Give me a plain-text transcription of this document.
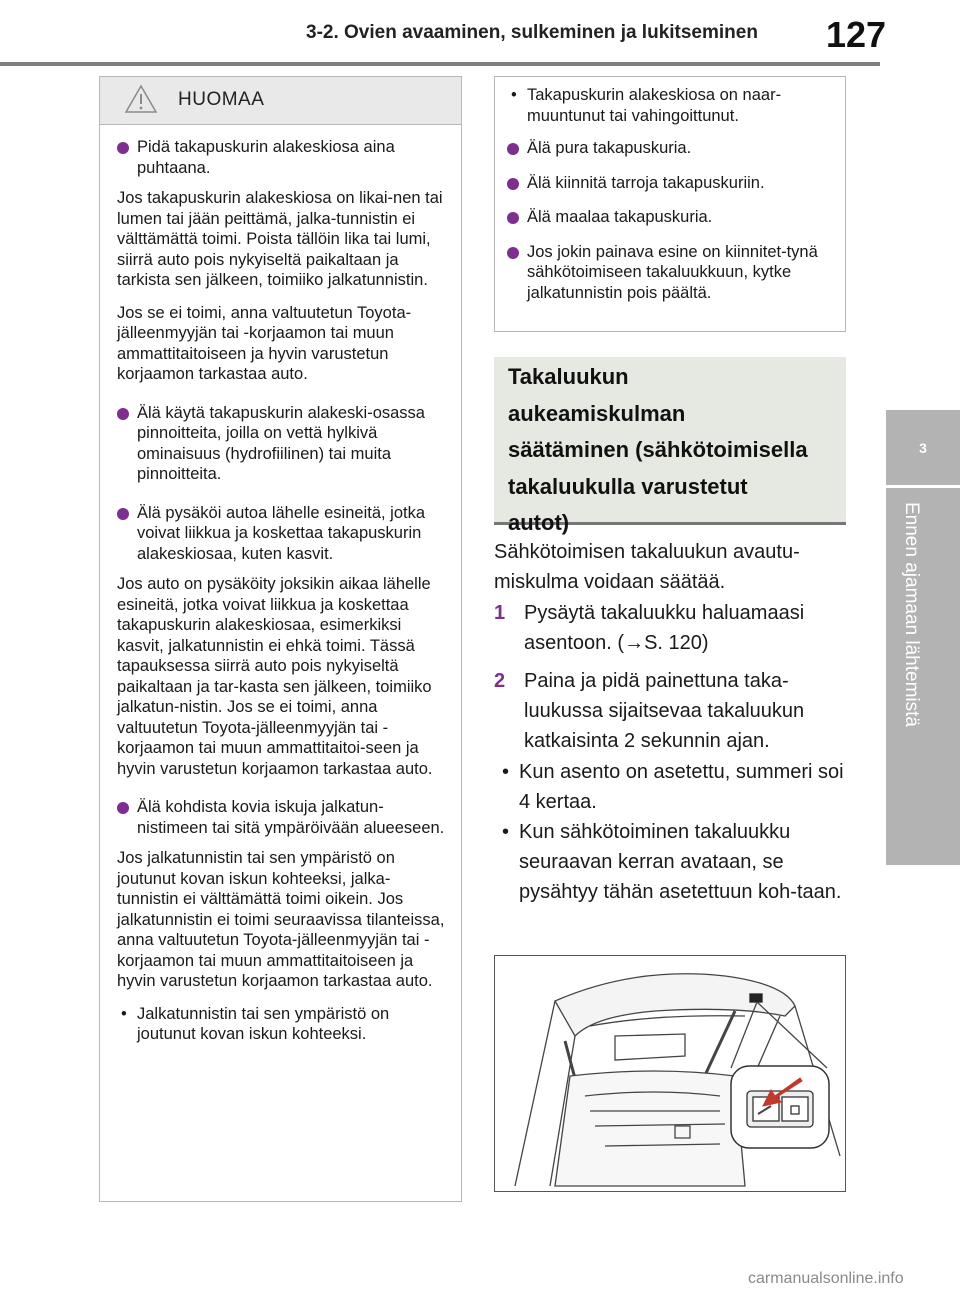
3-2. Ovien avaaminen, sulkeminen ja lukitseminen 127
3
Ennen ajamaan lähtemistä
HUOMAA
Pidä takapuskurin alakeskiosa aina puhtaana.

Jos takapuskurin alakeskiosa on likai-nen tai lumen tai jään peittämä, jalka-tunnistin ei välttämättä toimi. Poista tällöin lika tai lumi, siirrä auto pois nykyiseltä paikaltaan ja tarkista sen jälkeen, toimiiko jalkatunnistin.

Jos se ei toimi, anna valtuutetun Toyota-jälleenmyyjän tai -korjaamon tai muun ammattitaitoiseen ja hyvin varustetun korjaamon tarkastaa auto.

Älä käytä takapuskurin alakeski-osassa pinnoitteita, joilla on vettä hylkivä ominaisuus (hydrofiilinen) tai muita pinnoitteita.
Älä pysäköi autoa lähelle esineitä, jotka voivat liikkua ja koskettaa takapuskurin alakeskiosaa, kuten kasvit.

Jos auto on pysäköity joksikin aikaa lähelle esineitä, jotka voivat liikkua ja koskettaa takapuskurin alakeskiosaa, esimerkiksi kasvit, jalkatunnistin ei ehkä toimi. Tässä tapauksessa siirrä auto pois nykyiseltä paikaltaan ja tar-kasta sen jälkeen, toimiiko jalkatun-nistin. Jos se ei toimi, anna valtuutetun Toyota-jälleenmyyjän tai -korjaamon tai muun ammattitaitoi-seen ja hyvin varustetun korjaamon tarkastaa auto.

Älä kohdista kovia iskuja jalkatun-nistimeen tai sitä ympäröivään alueeseen.

Jos jalkatunnistin tai sen ympäristö on joutunut kovan iskun kohteeksi, jalka-tunnistin ei välttämättä toimi oikein. Jos jalkatunnistin ei toimi seuraavissa tilanteissa, anna valtuutetun Toyota-jälleenmyyjän tai -korjaamon tai muun ammattitaitoiseen ja hyvin varustetun korjaamon tarkastaa auto.

• Jalkatunnistin tai sen ympäristö on joutunut kovan iskun kohteeksi.
• Takapuskurin alakeskiosa on naar-muuntunut tai vahingoittunut.
Älä pura takapuskuria.
Älä kiinnitä tarroja takapuskuriin.
Älä maalaa takapuskuria.
Jos jokin painava esine on kiinnitet-tynä sähkötoimiseen takaluukkuun, kytke jalkatunnistin pois päältä.
Takaluukun
aukeamiskulman
säätäminen (sähkötoimisella
takaluukulla varustetut
autot)
Sähkötoimisen takaluukun avautu-miskulma voidaan säätää.
1 Pysäytä takaluukku haluamaasi asentoon. (→S. 120)
2 Paina ja pidä painettuna taka-luukussa sijaitsevaa takaluukun katkaisinta 2 sekunnin ajan.
• Kun asento on asetettu, summeri soi 4 kertaa.
• Kun sähkötoiminen takaluukku seuraavan kerran avataan, se pysähtyy tähän asetettuun koh-taan.
carmanualsonline.info
